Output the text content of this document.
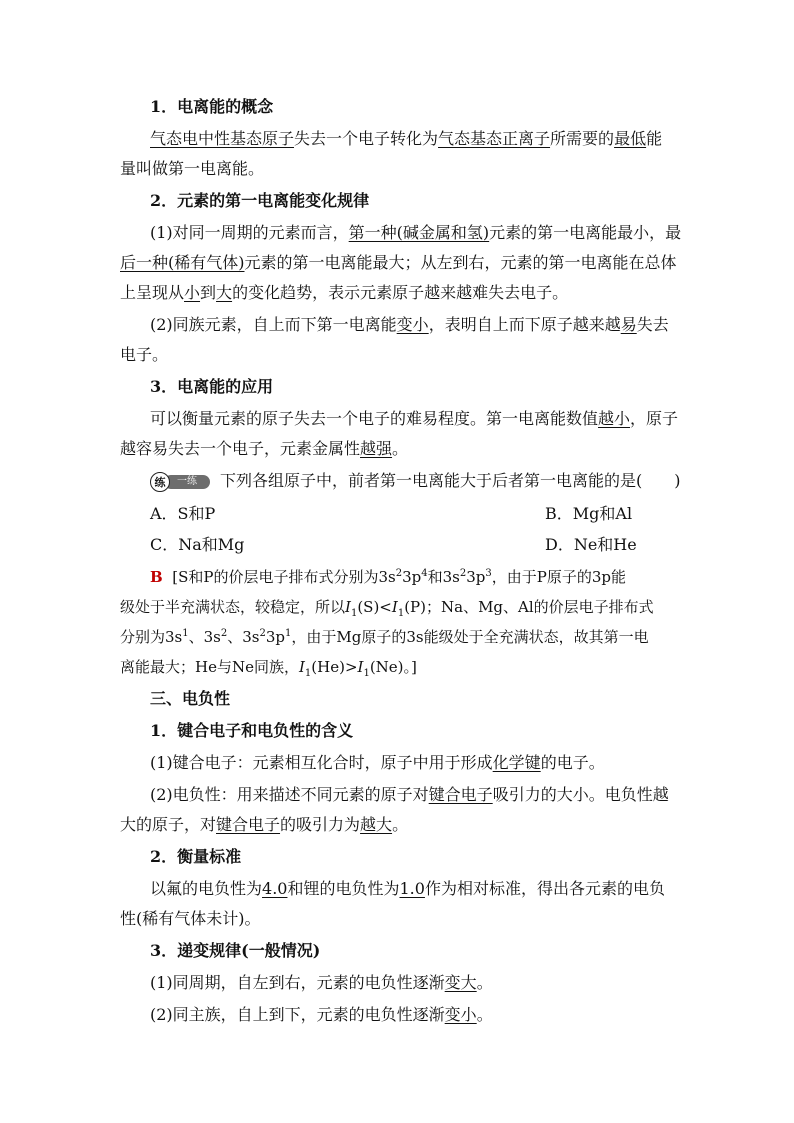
1．电离能的概念
气态电中性基态原子失去一个电子转化为气态基态正离子所需要的最低能
量叫做第一电离能。
2．元素的第一电离能变化规律
(1)对同一周期的元素而言，第一种(碱金属和氢)元素的第一电离能最小，最
后一种(稀有气体)元素的第一电离能最大；从左到右，元素的第一电离能在总体
上呈现从小到大的变化趋势，表示元素原子越来越难失去电子。
(2)同族元素，自上而下第一电离能变小，表明自上而下原子越来越易失去
电子。
3．电离能的应用
可以衡量元素的原子失去一个电子的难易程度。第一电离能数值越小，原子
越容易失去一个电子，元素金属性越强。
一练
练	下列各组原子中，前者第一电离能大于后者第一电离能的是(　　)
A．S和P	B．Mg和Al
C．Na和Mg	D．Ne和He
B [S和P的价层电子排布式分别为$3s^23p^4$和$3s^23p^3$，由于P原子的3p能
级处于半充满状态，较稳定，所以$I_1(S)<I_1(P)$；Na、Mg、Al的价层电子排布式
分别为$3s^1$、$3s^2$、$3s^23p^1$，由于Mg原子的3s能级处于全充满状态，故其第一电
离能最大；He与Ne同族，$I_1(He)>I_1(Ne)$。]
三、电负性
1．键合电子和电负性的含义
(1)键合电子：元素相互化合时，原子中用于形成化学键的电子。
(2)电负性：用来描述不同元素的原子对键合电子吸引力的大小。电负性越
大的原子，对键合电子的吸引力为越大。
2．衡量标准
以氟的电负性为4.0和锂的电负性为1.0作为相对标准，得出各元素的电负
性(稀有气体未计)。
3．递变规律(一般情况)
(1)同周期，自左到右，元素的电负性逐渐变大。
(2)同主族，自上到下，元素的电负性逐渐变小。
